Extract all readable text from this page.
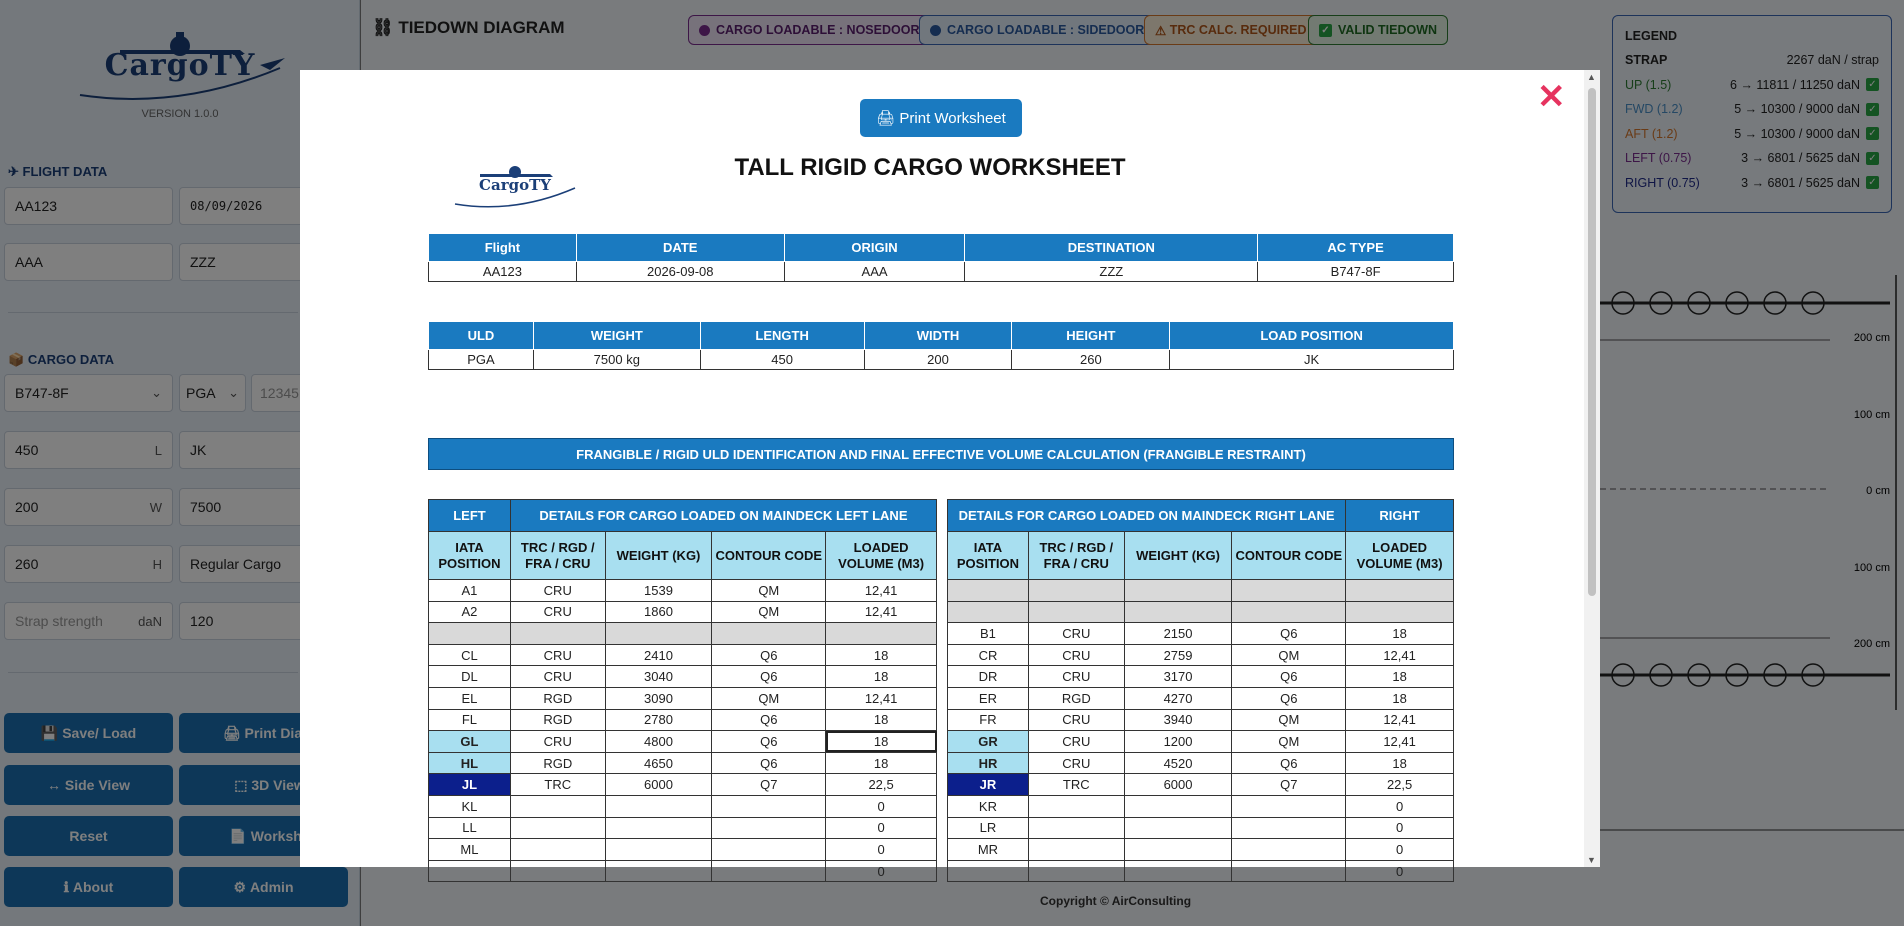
🖨 Print Worksheet
CargoTY
TALL RIGID CARGO WORKSHEET
Flight	DATE	ORIGIN	DESTINATION	AC TYPE
AA123	2026-09-08	AAA	ZZZ	B747-8F
ULD	WEIGHT	LENGTH	WIDTH	HEIGHT	LOAD POSITION
PGA	7500 kg	450	200	260	JK
FRANGIBLE / RIGID ULD IDENTIFICATION AND FINAL EFFECTIVE VOLUME CALCULATION (FRANGIBLE RESTRAINT)
LEFT	DETAILS FOR CARGO LOADED ON MAINDECK LEFT LANE			
IATA POSITION	TRC / RGD / FRA / CRU	WEIGHT (KG)	CONTOUR CODE	LOADED VOLUME (M3)
A1	CRU	1539	QM	12,41
A2	CRU	1860	QM	12,41

CL	CRU	2410	Q6	18
DL	CRU	3040	Q6	18
EL	RGD	3090	QM	12,41
FL	RGD	2780	Q6	18
GL	CRU	4800	Q6	18
HL	RGD	4650	Q6	18
JL	TRC	6000	Q7	22,5
KL				0
LL				0
ML				0
				0
DETAILS FOR CARGO LOADED ON MAINDECK RIGHT LANE				RIGHT
IATA POSITION	TRC / RGD / FRA / CRU	WEIGHT (KG)	CONTOUR CODE	LOADED VOLUME (M3)

B1	CRU	2150	Q6	18
CR	CRU	2759	QM	12,41
DR	CRU	3170	Q6	18
ER	RGD	4270	Q6	18
FR	CRU	3940	QM	12,41
GR	CRU	1200	QM	12,41
HR	CRU	4520	Q6	18
JR	TRC	6000	Q7	22,5
KR				0
LR				0
MR				0
				0
▲
▼
✕
